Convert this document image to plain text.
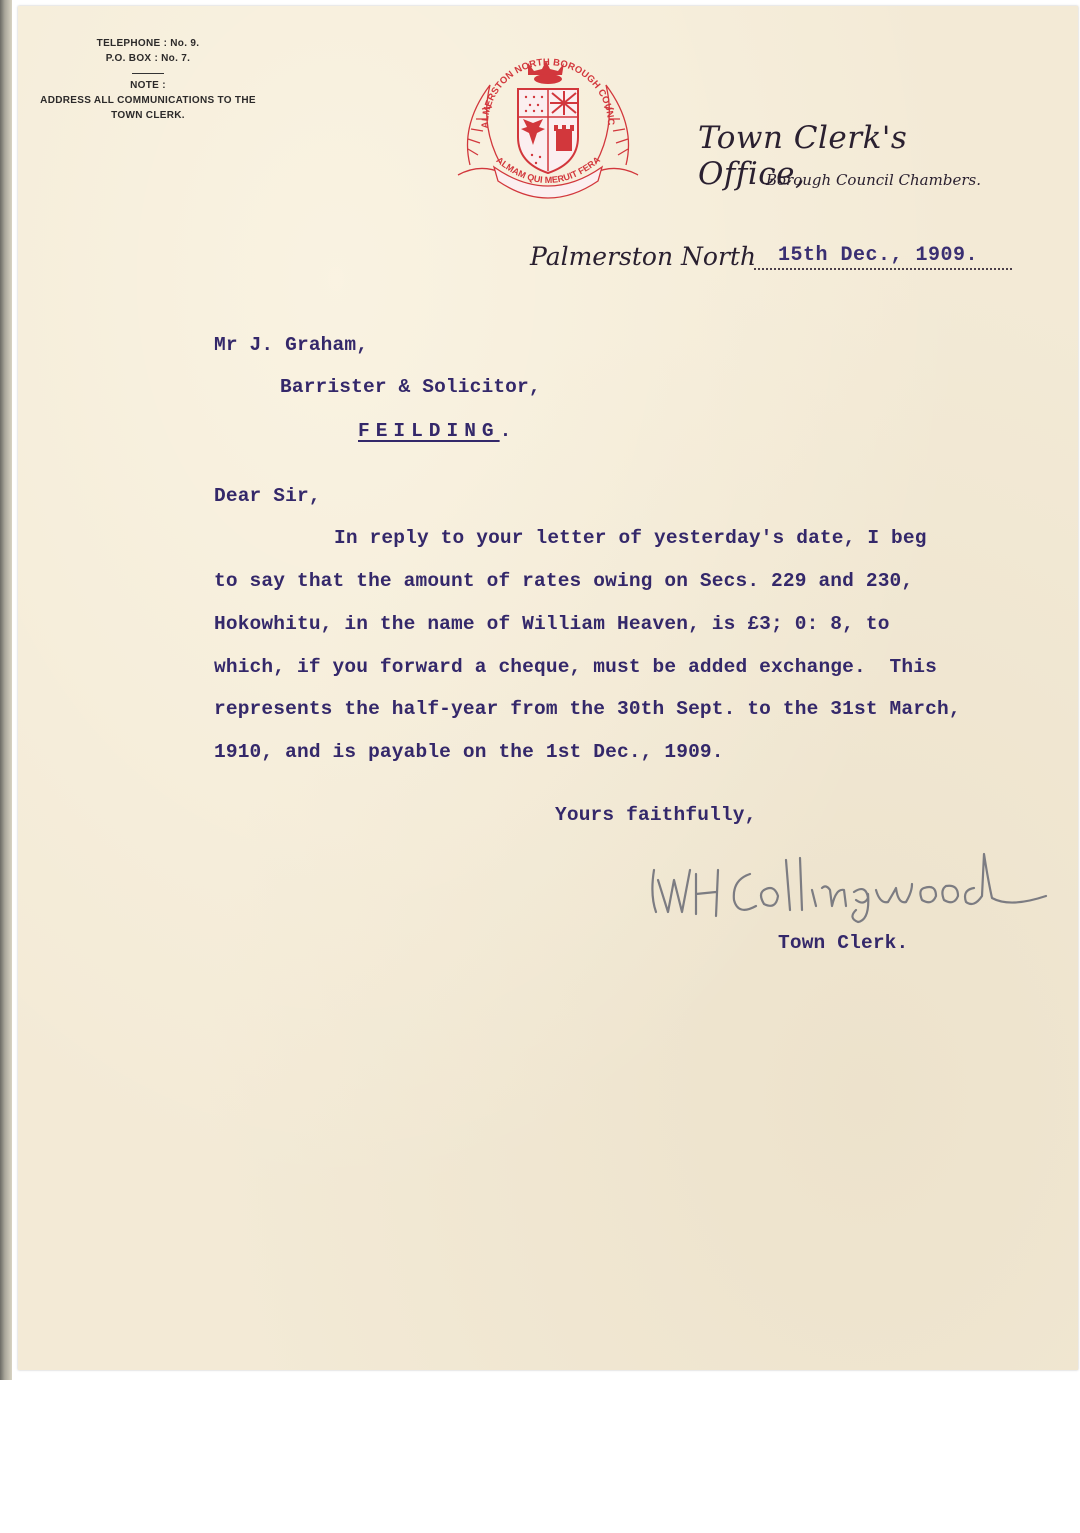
TELEPHONE : No. 9.
P.O. BOX : No. 7.
NOTE :
ADDRESS ALL COMMUNICATIONS TO THE
TOWN CLERK.
ALMERSTON NORTH BOROUGH COUNC
ALMAM QUI MERUIT FERA
Town Clerk's Office,
Borough Council Chambers.
Palmerston North 15th Dec., 1909.
Mr J. Graham,
Barrister & Solicitor,
FEILDING.
Dear Sir,
In reply to your letter of yesterday's date, I beg
to say that the amount of rates owing on Secs. 229 and 230,
Hokowhitu, in the name of William Heaven, is £3; 0: 8, to
which, if you forward a cheque, must be added exchange.  This
represents the half-year from the 30th Sept. to the 31st March,
1910, and is payable on the 1st Dec., 1909.
Yours faithfully,
Town Clerk.
